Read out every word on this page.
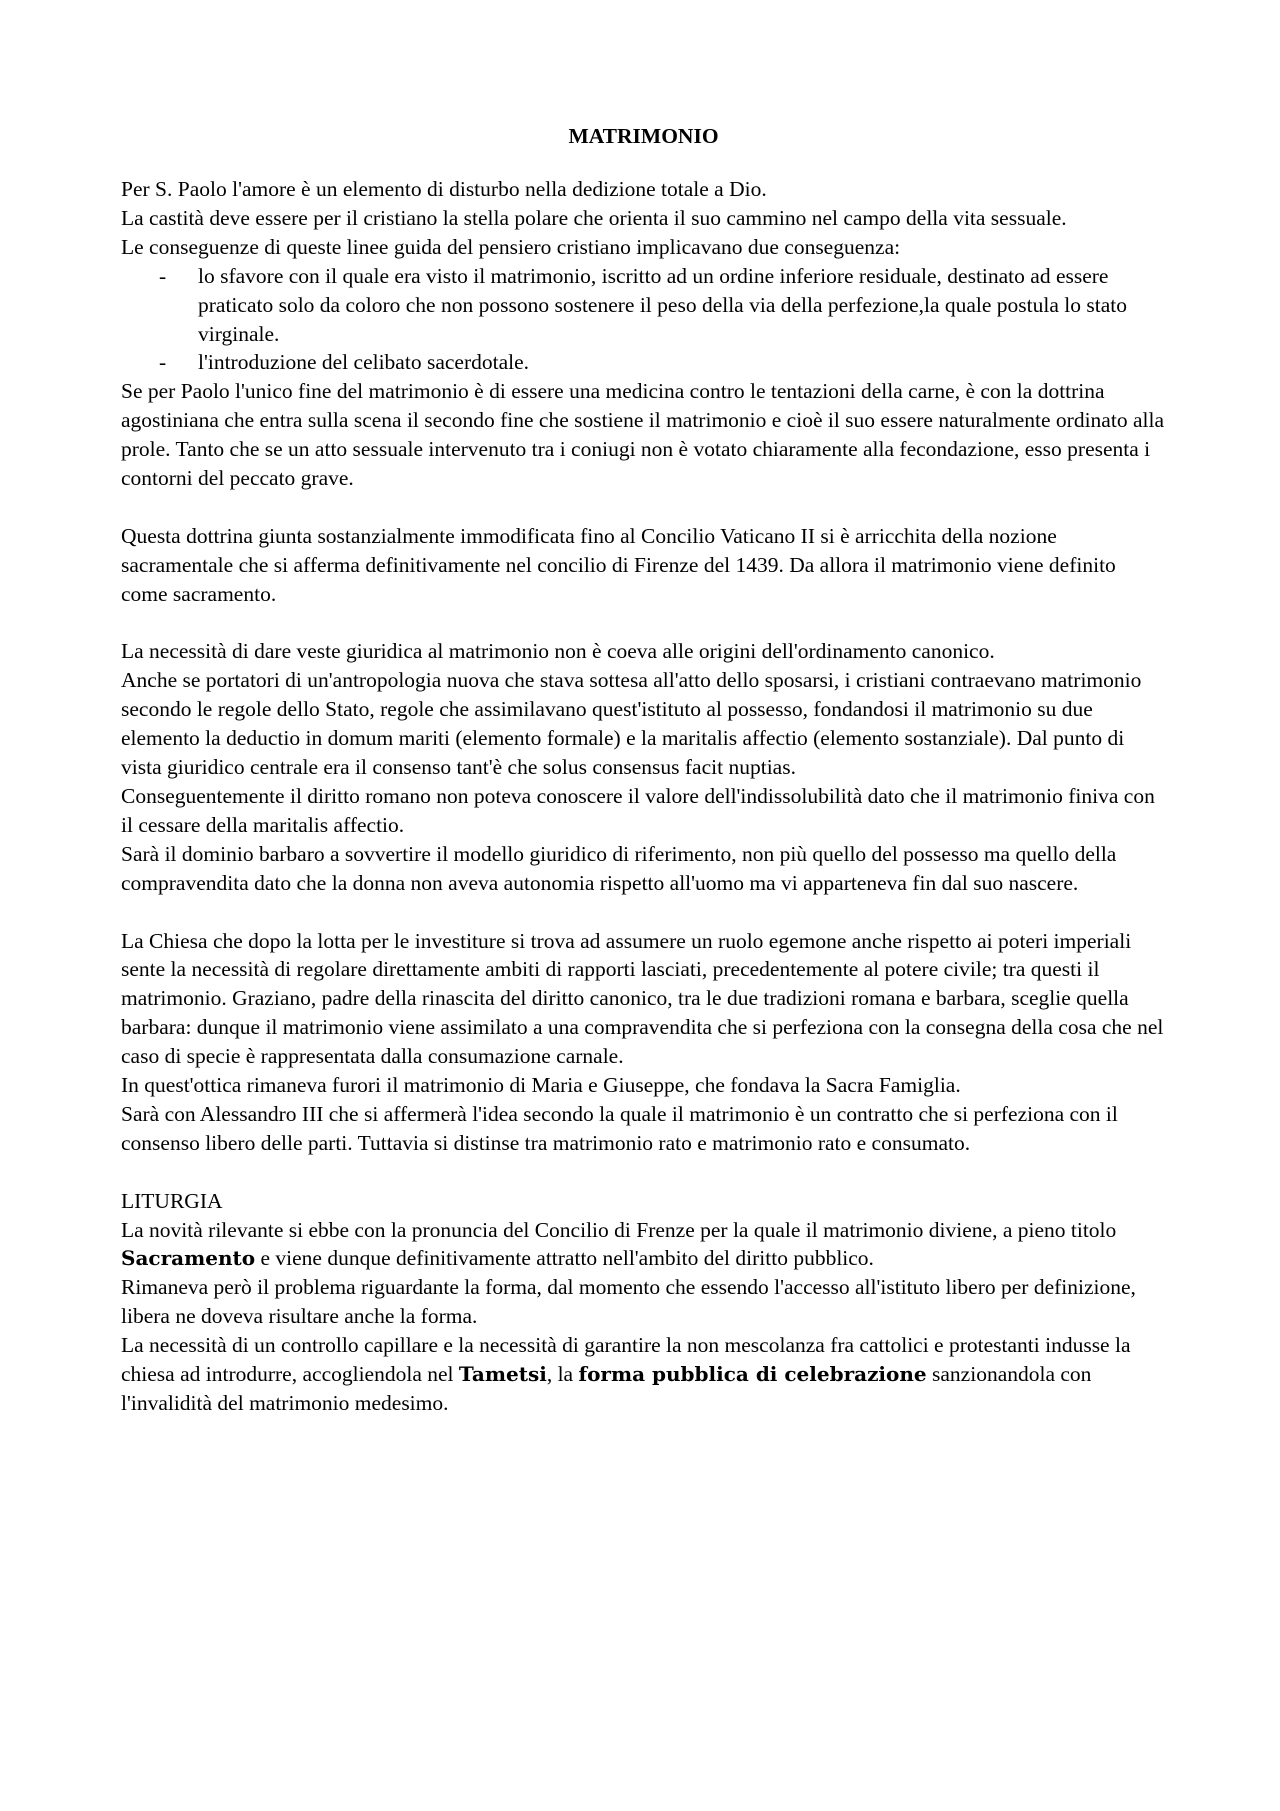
MATRIMONIO

Per S. Paolo l'amore è un elemento di disturbo nella dedizione totale a Dio.

La castità deve essere per il cristiano la stella polare che orienta il suo cammino nel campo della vita sessuale.

Le conseguenze di queste linee guida del pensiero cristiano implicavano due conseguenza:

- lo sfavore con il quale era visto il matrimonio, iscritto ad un ordine inferiore residuale, destinato ad essere praticato solo da coloro che non possono sostenere il peso della via della perfezione,la quale postula lo stato virginale.
- l'introduzione del celibato sacerdotale.

Se per Paolo l'unico fine del matrimonio è di essere una medicina contro le tentazioni della carne, è con la dottrina agostiniana che entra sulla scena il secondo fine che sostiene il matrimonio e cioè il suo essere naturalmente ordinato alla prole. Tanto che se un atto sessuale intervenuto tra i coniugi non è votato chiaramente alla fecondazione, esso presenta i contorni del peccato grave.

Questa dottrina giunta sostanzialmente immodificata fino al Concilio Vaticano II si è arricchita della nozione sacramentale che si afferma definitivamente nel concilio di Firenze del 1439. Da allora il matrimonio viene definito come sacramento.

La necessità di dare veste giuridica al matrimonio non è coeva alle origini dell'ordinamento canonico.

Anche se portatori di un'antropologia nuova che stava sottesa all'atto dello sposarsi, i cristiani contraevano matrimonio secondo le regole dello Stato, regole che assimilavano quest'istituto al possesso, fondandosi il matrimonio su due elemento la deductio in domum mariti (elemento formale) e la maritalis affectio (elemento sostanziale). Dal punto di vista giuridico centrale era il consenso tant'è che solus consensus facit nuptias.

Conseguentemente il diritto romano non poteva conoscere il valore dell'indissolubilità dato che il matrimonio finiva con il cessare della maritalis affectio.

Sarà il dominio barbaro a sovvertire il modello giuridico di riferimento, non più quello del possesso ma quello della compravendita dato che la donna non aveva autonomia rispetto all'uomo ma vi apparteneva fin dal suo nascere.

La Chiesa che dopo la lotta per le investiture si trova ad assumere un ruolo egemone anche rispetto ai poteri imperiali sente la necessità di regolare direttamente ambiti di rapporti lasciati, precedentemente al potere civile; tra questi il matrimonio. Graziano, padre della rinascita del diritto canonico, tra le due tradizioni romana e barbara, sceglie quella barbara: dunque il matrimonio viene assimilato a una compravendita che si perfeziona con la consegna della cosa che nel caso di specie è rappresentata dalla consumazione carnale.

In quest'ottica rimaneva furori il matrimonio di Maria e Giuseppe, che fondava la Sacra Famiglia.

Sarà con Alessandro III che si affermerà l'idea secondo la quale il matrimonio è un contratto che si perfeziona con il consenso libero delle parti. Tuttavia si distinse tra matrimonio rato e matrimonio rato e consumato.

LITURGIA

La novità rilevante si ebbe con la pronuncia del Concilio di Frenze per la quale il matrimonio diviene, a pieno titolo Sacramento e viene dunque definitivamente attratto nell'ambito del diritto pubblico.

Rimaneva però il problema riguardante la forma, dal momento che essendo l'accesso all'istituto libero per definizione, libera ne doveva risultare anche la forma.

La necessità di un controllo capillare e la necessità di garantire la non mescolanza fra cattolici e protestanti indusse la chiesa ad introdurre, accogliendola nel Tametsi, la forma pubblica di celebrazione sanzionandola con l'invalidità del matrimonio medesimo.
